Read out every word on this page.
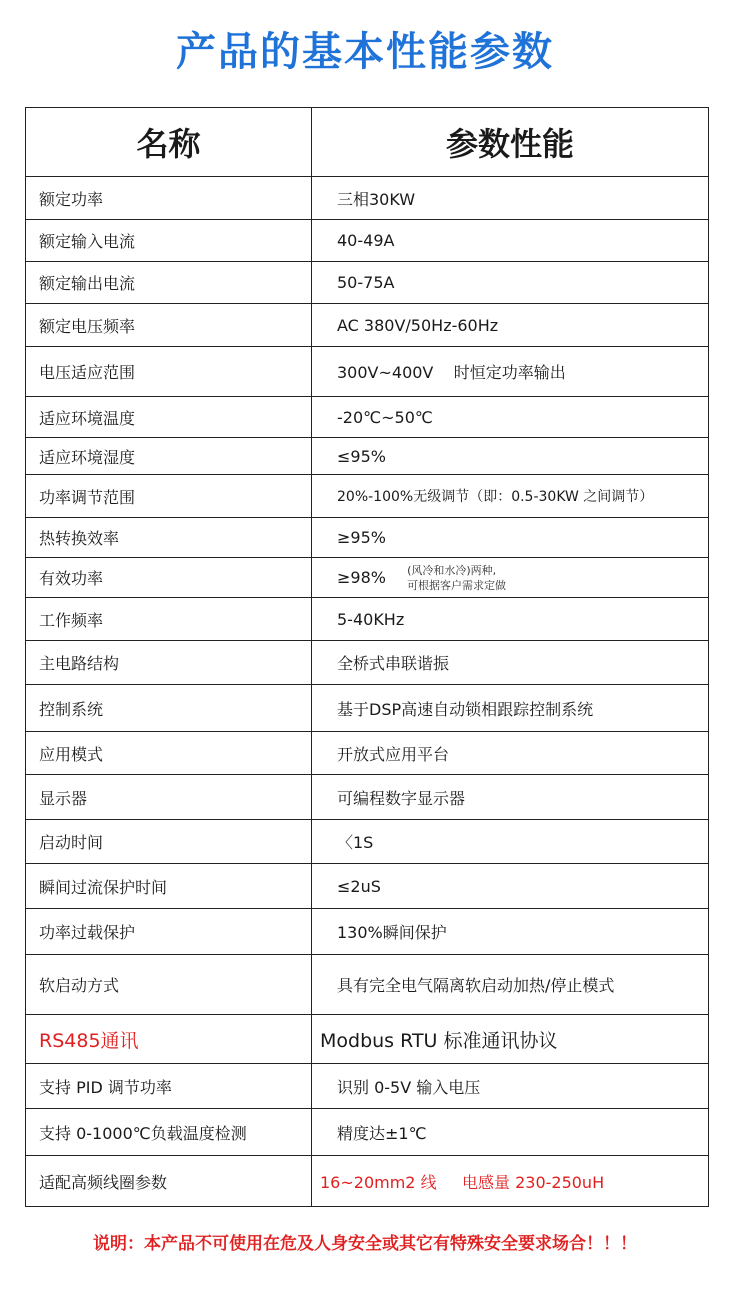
产品的基本性能参数
名称	参数性能
额定功率	三相30KW
额定输入电流	40-49A
额定输出电流	50-75A
额定电压频率	AC 380V/50Hz-60Hz
电压适应范围	300V~400V    时恒定功率输出
适应环境温度	-20℃~50℃
适应环境湿度	≤95%
功率调节范围	20%-100%无级调节（即：0.5-30KW 之间调节）
热转换效率	≥95%
有效功率	≥98% (风冷和水冷)两种,
可根据客户需求定做

工作频率	5-40KHz
主电路结构	全桥式串联谐振
控制系统	基于DSP高速自动锁相跟踪控制系统
应用模式	开放式应用平台
显示器	可编程数字显示器
启动时间	〈1S
瞬间过流保护时间	≤2uS
功率过载保护	130%瞬间保护
软启动方式	具有完全电气隔离软启动加热/停止模式
RS485通讯	Modbus RTU 标准通讯协议
支持 PID 调节功率	识别 0-5V 输入电压
支持 0-1000℃负载温度检测	精度达±1℃
适配高频线圈参数	16~20mm2 线     电感量 230-250uH
说明：本产品不可使用在危及人身安全或其它有特殊安全要求场合！！！
